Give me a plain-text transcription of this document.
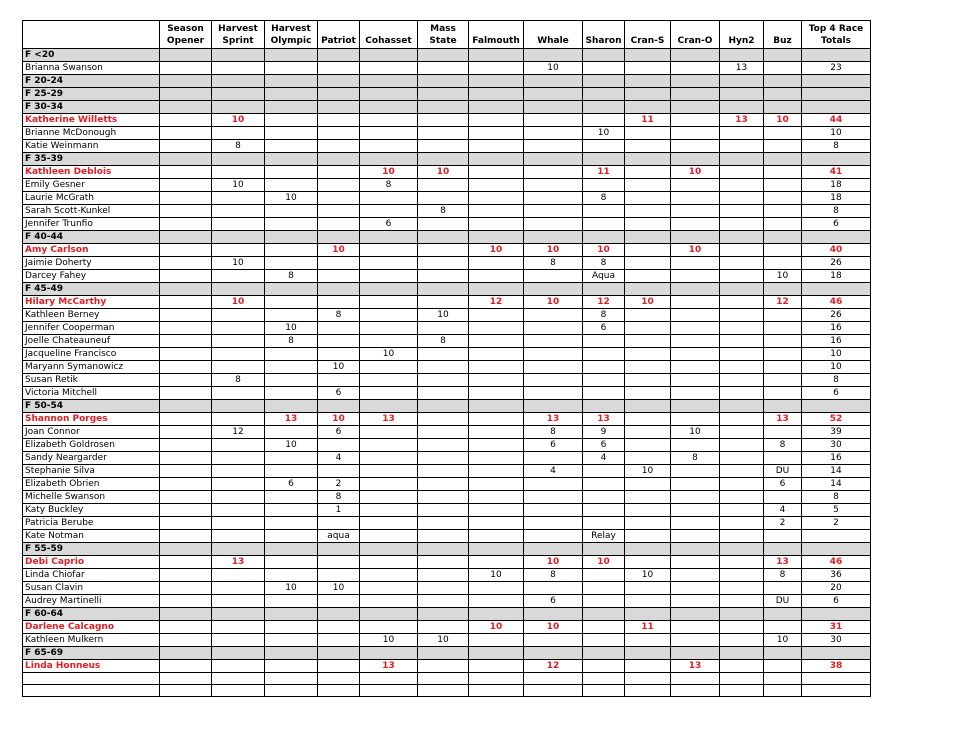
	Season Opener	Harvest Sprint	Harvest Olympic	Patriot	Cohasset	Mass State	Falmouth	Whale	Sharon	Cran-S	Cran-O	Hyn2	Buz	Top 4 Race Totals
F <20														
Brianna Swanson								10				13		23
F 20-24														
F 25-29														
F 30-34														
Katherine Willetts		10								11		13	10	44
Brianne McDonough									10					10
Katie Weinmann		8												8
F 35-39														
Kathleen Deblois					10	10			11		10			41
Emily Gesner		10			8									18
Laurie McGrath			10						8					18
Sarah Scott-Kunkel						8								8
Jennifer Trunfio					6									6
F 40-44														
Amy Carlson				10			10	10	10		10			40
Jaimie Doherty		10						8	8					26
Darcey Fahey			8						Aqua				10	18
F 45-49														
Hilary McCarthy		10					12	10	12	10			12	46
Kathleen Berney				8		10			8					26
Jennifer Cooperman			10						6					16
Joelle Chateauneuf			8			8								16
Jacqueline Francisco					10									10
Maryann Symanowicz				10										10
Susan Retik		8												8
Victoria Mitchell				6										6
F 50-54														
Shannon Porges			13	10	13			13	13				13	52
Joan Connor		12		6				8	9		10			39
Elizabeth Goldrosen			10					6	6				8	30
Sandy Neargarder				4					4		8			16
Stephanie Silva								4		10			DU	14
Elizabeth Obrien			6	2									6	14
Michelle Swanson				8										8
Katy Buckley				1									4	5
Patricia Berube													2	2
Kate Notman				aqua					Relay					
F 55-59														
Debi Caprio		13						10	10				13	46
Linda Chiofar							10	8		10			8	36
Susan Clavin			10	10										20
Audrey Martinelli								6					DU	6
F 60-64														
Darlene Calcagno							10	10		11				31
Kathleen Mulkern					10	10							10	30
F 65-69														
Linda Honneus					13			12			13			38
